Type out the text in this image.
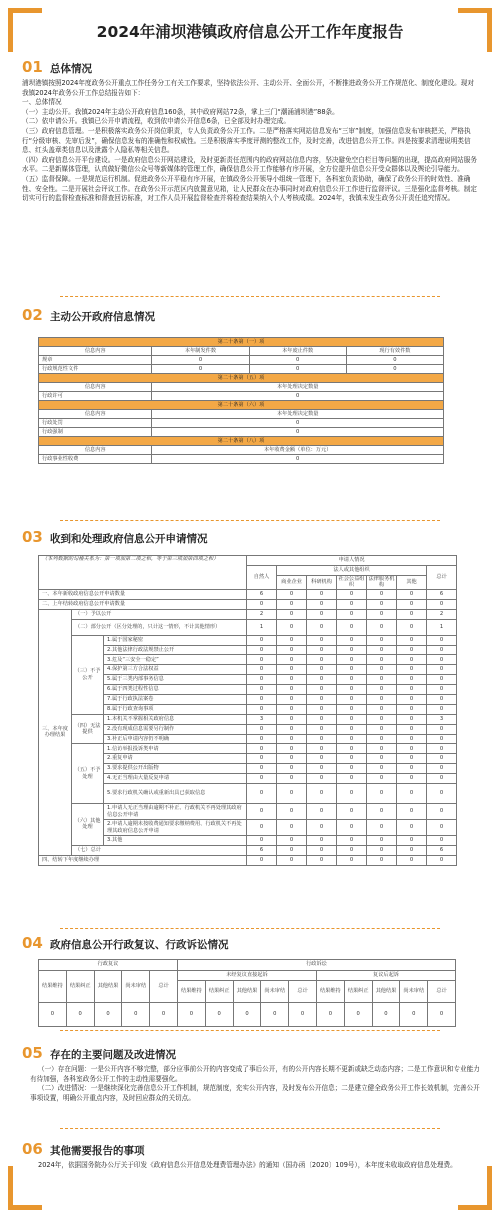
2024年浦坝港镇政府信息公开工作年度报告
01 总体情况

浦坝港镇按照2024年度政务公开重点工作任务分工有关工作要求，坚持依法公开、主动公开、全面公开，不断推进政务公开工作规范化、制度化建设。现对我镇2024年政务公开工作总结报告如下：

一、总体情况

（一）主动公开。我镇2024年主动公开政府信息160条，其中政府网站72条，掌上三门“潮涌浦坝港”88条。

（二）依申请公开。我镇已公开申请流程，收到依申请公开信息6条，已全部及时办理完成。

（三）政府信息管理。一是积极落实政务公开岗位职责，专人负责政务公开工作。二是严格落实网站信息发布“三审”制度，加强信息发布审核把关，严格执行“分级审核、先审后发”，确保信息发布的准确性和权威性。三是积极落实季度评测的整改工作，及时完善，改进信息公开工作。四是按要求清理说明类信息、红头盖章类信息以及泄露个人隐私等相关信息。

（四）政府信息公开平台建设。一是政府信息公开网站建设，及时更新责任范围内的政府网站信息内容，坚决避免空白栏目等问题的出现，提高政府网站服务水平。二是新媒体管理，认真做好微信公众号等新媒体的管理工作，确保信息公开工作能够有序开展，全方位提升信息公开受众群体以及舆论引导能力。

（五）监督保障。一是规范运行机制。促进政务公开平稳有序开展，在镇政务公开领导小组统一管理下，各科室负责协助，确保了政务公开的时效性、准确性、安全性。二是开展社会评议工作。在政务公开示范区内放置意见箱，让人民群众在办事同时对政府信息公开工作进行监督评议。三是强化监督考核。制定切实可行的监督检查标准和督查回访标准，对工作人员开展监督检查并将检查结果纳入个人考核成绩。2024年，我镇未发生政务公开责任追究情况。

02 主动公开政府信息情况
第二十条第（一）项			
信息内容	本年制发件数	本年废止件数	现行有效件数
规章	0	0	0
行政规范性文件	0	0	0
第二十条第（五）项			
信息内容	本年处理决定数量		
行政许可	0		
第二十条第（六）项			
信息内容	本年处理决定数量		
行政处罚	0		
行政强制	0		
第二十条第（八）项			
信息内容	本年收费金额（单位：万元）		
行政事业性收费	0		
03 收到和处理政府信息公开申请情况
（本列数据的勾稽关系为：第一项加第二项之和，等于第三项加第四项之和）			申请人情况						
			自然人	法人或其他组织					总计
				商业企业	科研机构	社会公益组织	法律服务机构	其他	
一、本年新收政府信息公开申请数量			6	0	0	0	0	0	6
二、上年结转政府信息公开申请数量			0	0	0	0	0	0	0
三、本年度办理结果	（一）予以公开		2	0	0	0	0	0	2
	（二）部分公开（区分处理的，只计这一情形，不计其他情形）		1	0	0	0	0	0	1
	（三）不予公开	1.属于国家秘密	0	0	0	0	0	0	0
		2.其他法律行政法规禁止公开	0	0	0	0	0	0	0
		3.危及“三安全一稳定”	0	0	0	0	0	0	0
		4.保护第三方合法权益	0	0	0	0	0	0	0
		5.属于三类内部事务信息	0	0	0	0	0	0	0
		6.属于四类过程性信息	0	0	0	0	0	0	0
		7.属于行政执法案卷	0	0	0	0	0	0	0
		8.属于行政查询事项	0	0	0	0	0	0	0
	（四）无法提供	1.本机关不掌握相关政府信息	3	0	0	0	0	0	3
		2.没有现成信息需要另行制作	0	0	0	0	0	0	0
		3.补正后申请内容仍不明确	0	0	0	0	0	0	0
	（五）不予处理	1.信访举报投诉类申请	0	0	0	0	0	0	0
		2.重复申请	0	0	0	0	0	0	0
		3.要求提供公开出版物	0	0	0	0	0	0	0
		4.无正当理由大量反复申请	0	0	0	0	0	0	0
		5.要求行政机关确认或重新出具已获取信息	0	0	0	0	0	0	0
	（六）其他处理	1.申请人无正当理由逾期不补正、行政机关不再处理其政府信息公开申请	0	0	0	0	0	0	0
		2.申请人逾期未按收费通知要求缴纳费用、行政机关不再处理其政府信息公开申请	0	0	0	0	0	0	0
		3.其他	0	0	0	0	0	0	0
	（七）总计		6	0	0	0	0	0	6
四、结转下年度继续办理			0	0	0	0	0	0	0
04 政府信息公开行政复议、行政诉讼情况
行政复议					行政诉讼									
结果维持	结果纠正	其他结果	尚未审结	总计	未经复议直接起诉					复议后起诉				
					结果维持	结果纠正	其他结果	尚未审结	总计	结果维持	结果纠正	其他结果	尚未审结	总计
0	0	0	0	0	0	0	0	0	0	0	0	0	0	0
05 存在的主要问题及改进情况

（一）存在问题：一是公开内容不够完整，部分应事前公开的内容变成了事后公开，有的公开内容长期不更新或缺乏动态内容；二是工作意识和专业能力有待加强，各科室政务公开工作的主动性需要强化。

（二）改进情况：一是继续深化完善信息公开工作机制，规范制度，充实公开内容，及时发布公开信息；二是建立健全政务公开工作长效机制，完善公开事项设置，明确公开重点内容，及时回应群众的关切点。

06 其他需要报告的事项

2024年，依据国务院办公厅关于印发《政府信息公开信息处理费管理办法》的通知（国办函〔2020〕109号），本年度未收取政府信息处理费。
